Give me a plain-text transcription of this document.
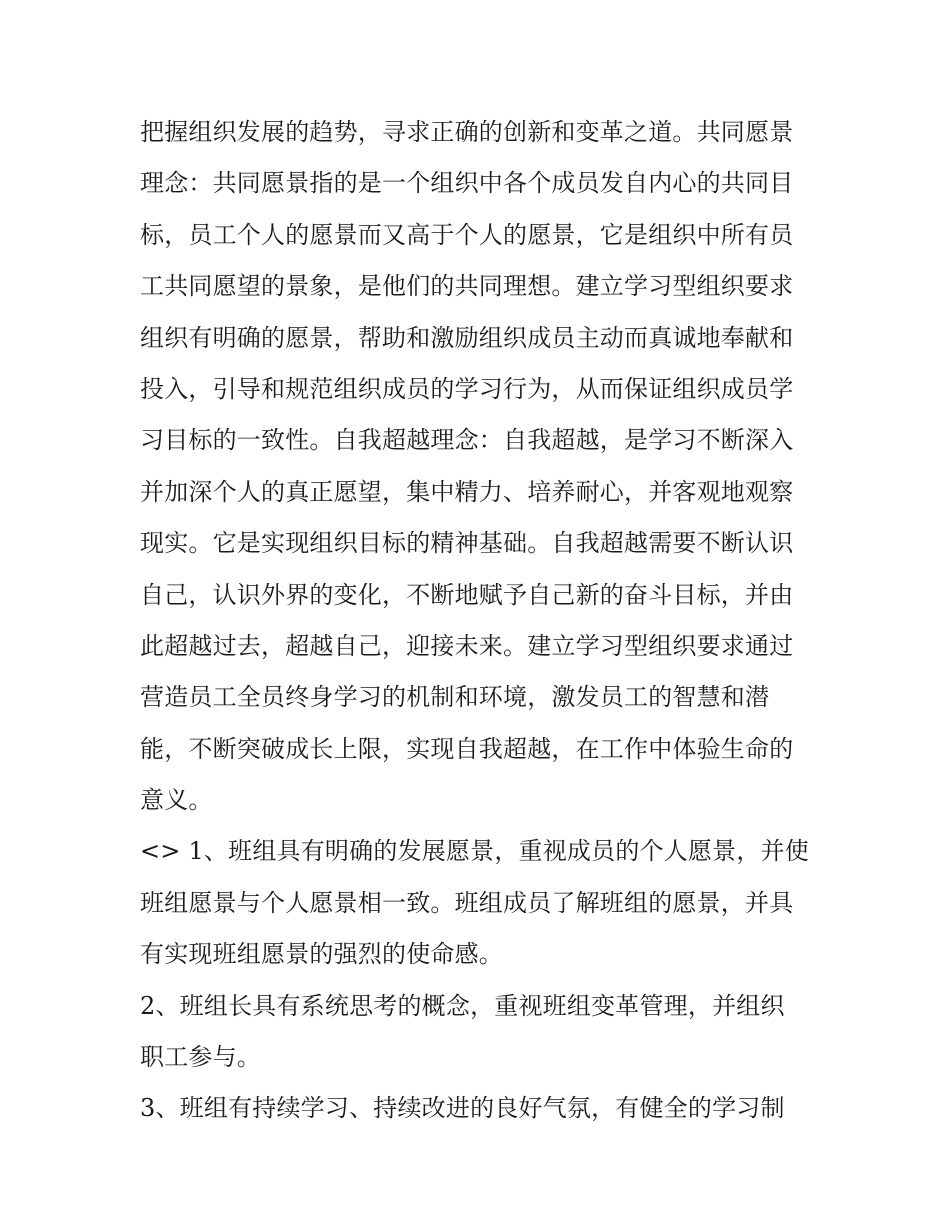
把握组织发展的趋势，寻求正确的创新和变革之道。共同愿景
理念：共同愿景指的是一个组织中各个成员发自内心的共同目
标，员工个人的愿景而又高于个人的愿景，它是组织中所有员
工共同愿望的景象，是他们的共同理想。建立学习型组织要求
组织有明确的愿景，帮助和激励组织成员主动而真诚地奉献和
投入，引导和规范组织成员的学习行为，从而保证组织成员学
习目标的一致性。自我超越理念：自我超越，是学习不断深入
并加深个人的真正愿望，集中精力、培养耐心，并客观地观察
现实。它是实现组织目标的精神基础。自我超越需要不断认识
自己，认识外界的变化，不断地赋予自己新的奋斗目标，并由
此超越过去，超越自己，迎接未来。建立学习型组织要求通过
营造员工全员终身学习的机制和环境，激发员工的智慧和潜
能，不断突破成长上限，实现自我超越，在工作中体验生命的
意义。
<> 1、班组具有明确的发展愿景，重视成员的个人愿景，并使
班组愿景与个人愿景相一致。班组成员了解班组的愿景，并具
有实现班组愿景的强烈的使命感。
2、班组长具有系统思考的概念，重视班组变革管理，并组织
职工参与。
3、班组有持续学习、持续改进的良好气氛，有健全的学习制
